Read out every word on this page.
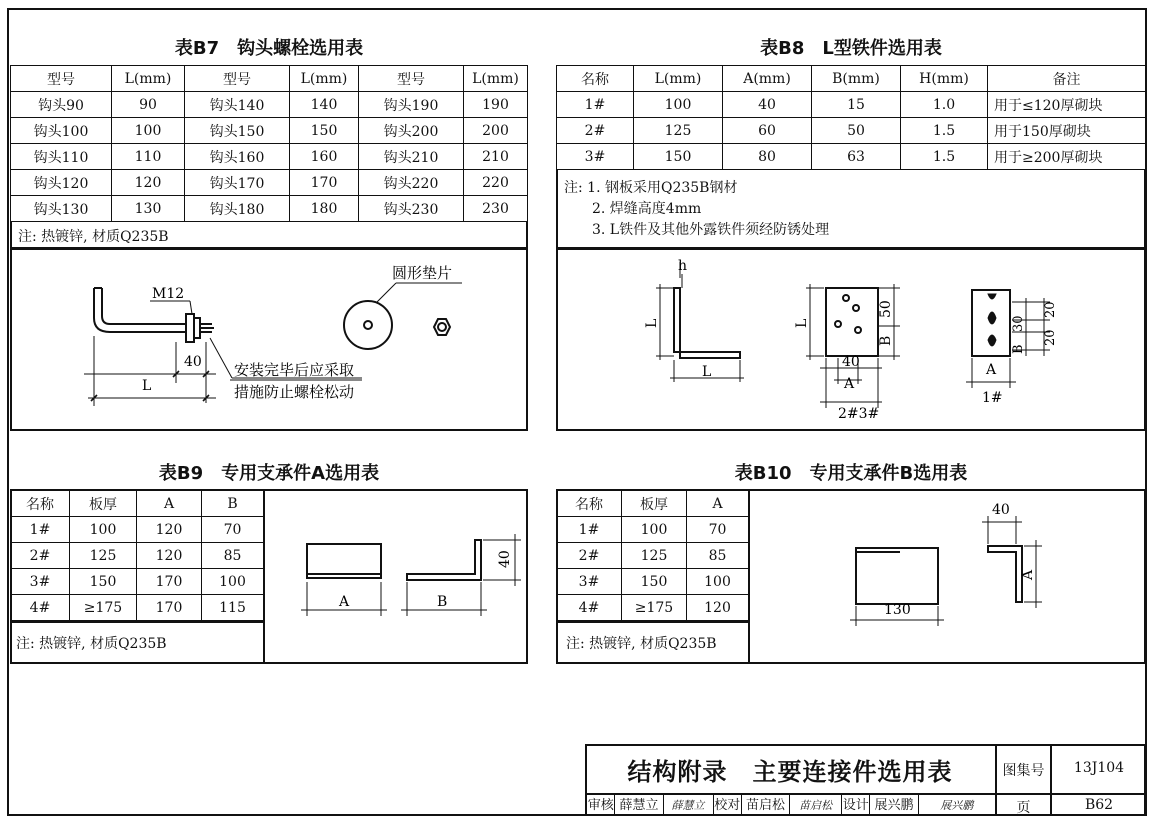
表B7　钩头螺栓选用表
型号	L(mm)	型号	L(mm)	型号	L(mm)
钩头90	90	钩头140	140	钩头190	190
钩头100	100	钩头150	150	钩头200	200
钩头110	110	钩头160	160	钩头210	210
钩头120	120	钩头170	170	钩头220	220
钩头130	130	钩头180	180	钩头230	230
注: 热镀锌, 材质Q235B
M12
40
L
圆形垫片
安装完毕后应采取
措施防止螺栓松动
表B8　L型铁件选用表
名称	L(mm)	A(mm)	B(mm)	H(mm)	备注
1#	100	40	15	1.0	用于≤120厚砌块
2#	125	60	50	1.5	用于150厚砌块
3#	150	80	63	1.5	用于≥200厚砌块
注: 1. 钢板采用Q235B钢材
2. 焊缝高度4mm
3. L铁件及其他外露铁件须经防锈处理
h
L
L
L
50
B
40
A
2#3#
B
30
20
20
A
1#
表B9　专用支承件A选用表
名称	板厚	A	B
1#	100	120	70
2#	125	120	85
3#	150	170	100
4#	≥175	170	115
注: 热镀锌, 材质Q235B
A	B
40
表B10　专用支承件B选用表
名称	板厚	A
1#	100	70
2#	125	85
3#	150	100
4#	≥175	120
注: 热镀锌, 材质Q235B
40
A
130
结构附录　主要连接件选用表	图集号	13J104
页	B62
审核 薛慧立	薛慧立 校对 苗启松	苗启松 设计 展兴鹏	展兴鹏
